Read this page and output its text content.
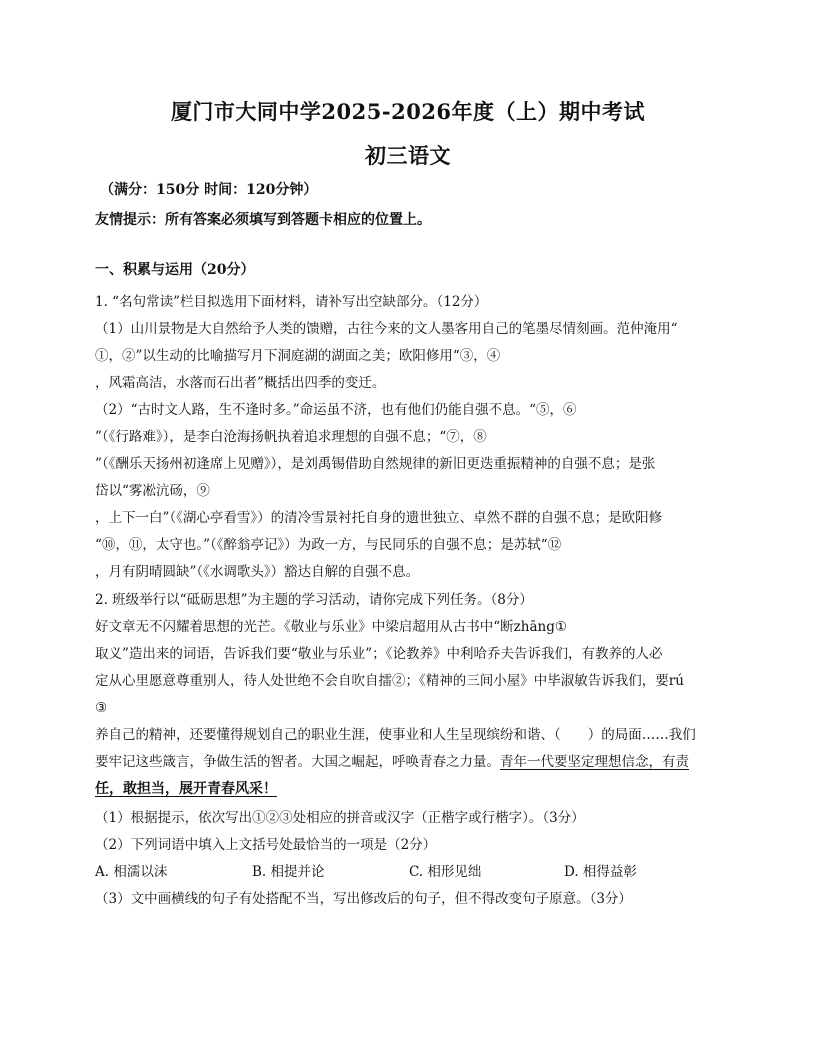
厦门市大同中学2025-2026年度（上）期中考试
初三语文
（满分：150分 时间：120分钟）
友情提示：所有答案必须填写到答题卡相应的位置上。
一、积累与运用（20分）
1. “名句常读”栏目拟选用下面材料，请补写出空缺部分。（12分）
（1）山川景物是大自然给予人类的馈赠，古往今来的文人墨客用自己的笔墨尽情刻画。范仲淹用“
①，②”以生动的比喻描写月下洞庭湖的湖面之美；欧阳修用“③，④
，风霜高洁，水落而石出者”概括出四季的变迁。
（2）“古时文人路，生不逢时多。”命运虽不济，也有他们仍能自强不息。“⑤，⑥
”（《行路难》），是李白沧海扬帆执着追求理想的自强不息；“⑦，⑧
”（《酬乐天扬州初逢席上见赠》），是刘禹锡借助自然规律的新旧更迭重振精神的自强不息；是张
岱以“雾凇沆砀，⑨
，上下一白”（《湖心亭看雪》）的清冷雪景衬托自身的遗世独立、卓然不群的自强不息；是欧阳修
“⑩，⑪，太守也。”（《醉翁亭记》）为政一方，与民同乐的自强不息；是苏轼“⑫
，月有阴晴圆缺”（《水调歌头》）豁达自解的自强不息。
2. 班级举行以“砥砺思想”为主题的学习活动，请你完成下列任务。（8分）
好文章无不闪耀着思想的光芒。《敬业与乐业》中梁启超用从古书中“断zhāng①
取义”造出来的词语，告诉我们要“敬业与乐业”；《论教养》中利哈乔夫告诉我们，有教养的人必
定从心里愿意尊重别人，待人处世绝不会自吹自擂②；《精神的三间小屋》中毕淑敏告诉我们，要rú
③
养自己的精神，还要懂得规划自己的职业生涯，使事业和人生呈现缤纷和谐、（　　）的局面……我们
要牢记这些箴言，争做生活的智者。大国之崛起，呼唤青春之力量。青年一代要坚定理想信念，有责
任，敢担当，展开青春风采！
（1）根据提示，依次写出①②③处相应的拼音或汉字（正楷字或行楷字）。（3分）
（2）下列词语中填入上文括号处最恰当的一项是（2分）
A. 相濡以沫	B. 相提并论	C. 相形见绌	D. 相得益彰
（3）文中画横线的句子有处搭配不当，写出修改后的句子，但不得改变句子原意。（3分）
